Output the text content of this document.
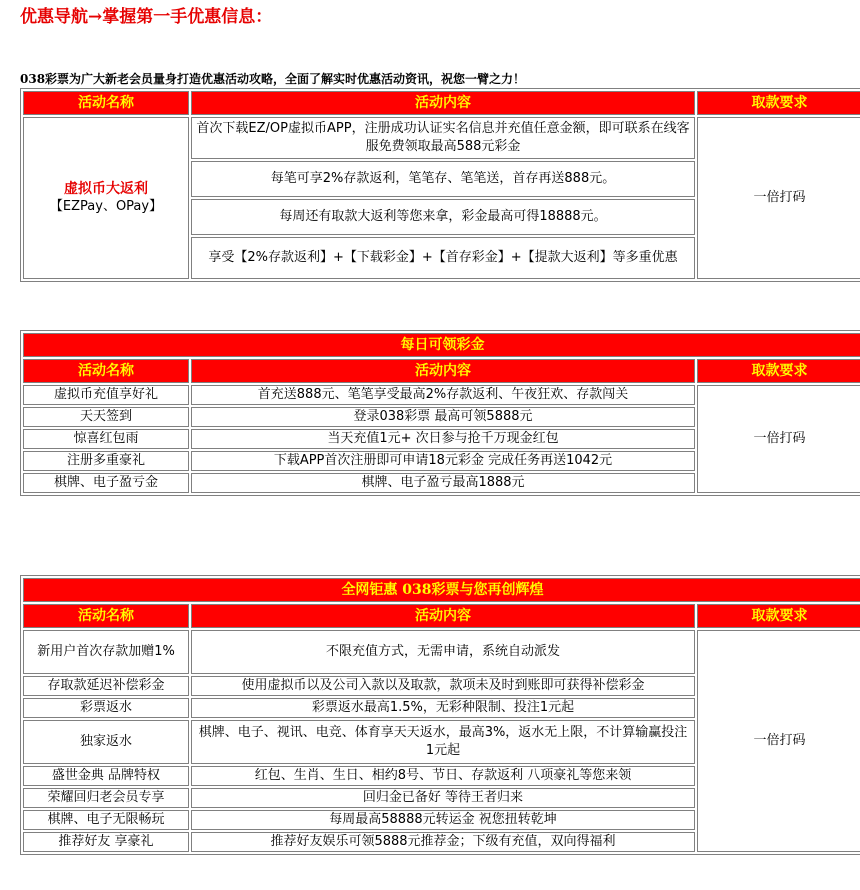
优惠导航→掌握第一手优惠信息：
038彩票为广大新老会员量身打造优惠活动攻略，全面了解实时优惠活动资讯，祝您一臂之力！
活动名称	活动内容	取款要求

虚拟币大返利
【EZPay、OPay】	首次下载EZ/OP虚拟币APP，注册成功认证实名信息并充值任意金额，即可联系在线客服免费领取最高588元彩金	一倍打码
	每笔可享2%存款返利，笔笔存、笔笔送，首存再送888元。	
	每周还有取款大返利等您来拿，彩金最高可得18888元。	
	享受【2%存款返利】+【下载彩金】+【首存彩金】+【提款大返利】等多重优惠	
每日可领彩金		
活动名称	活动内容	取款要求
虚拟币充值享好礼	首充送888元、笔笔享受最高2%存款返利、午夜狂欢、存款闯关	一倍打码
天天签到	登录038彩票 最高可领5888元	
惊喜红包雨	当天充值1元+ 次日参与抢千万现金红包	
注册多重豪礼	下载APP首次注册即可申请18元彩金 完成任务再送1042元	
棋牌、电子盈亏金	棋牌、电子盈亏最高1888元	
全网钜惠 038彩票与您再创辉煌		
活动名称	活动内容	取款要求
新用户首次存款加赠1%	不限充值方式，无需申请，系统自动派发	一倍打码
存取款延迟补偿彩金	使用虚拟币以及公司入款以及取款，款项未及时到账即可获得补偿彩金	
彩票返水	彩票返水最高1.5%，无彩种限制、投注1元起	
独家返水	棋牌、电子、视讯、电竞、体育享天天返水，最高3%，返水无上限，不计算输赢投注1元起	
盛世金典 品牌特权	红包、生肖、生日、相约8号、节日、存款返利 八项豪礼等您来领	
荣耀回归老会员专享	回归金已备好 等待王者归来	
棋牌、电子无限畅玩	每周最高58888元转运金 祝您扭转乾坤	
推荐好友 享豪礼	推荐好友娱乐可领5888元推荐金；下级有充值，双向得福利	
